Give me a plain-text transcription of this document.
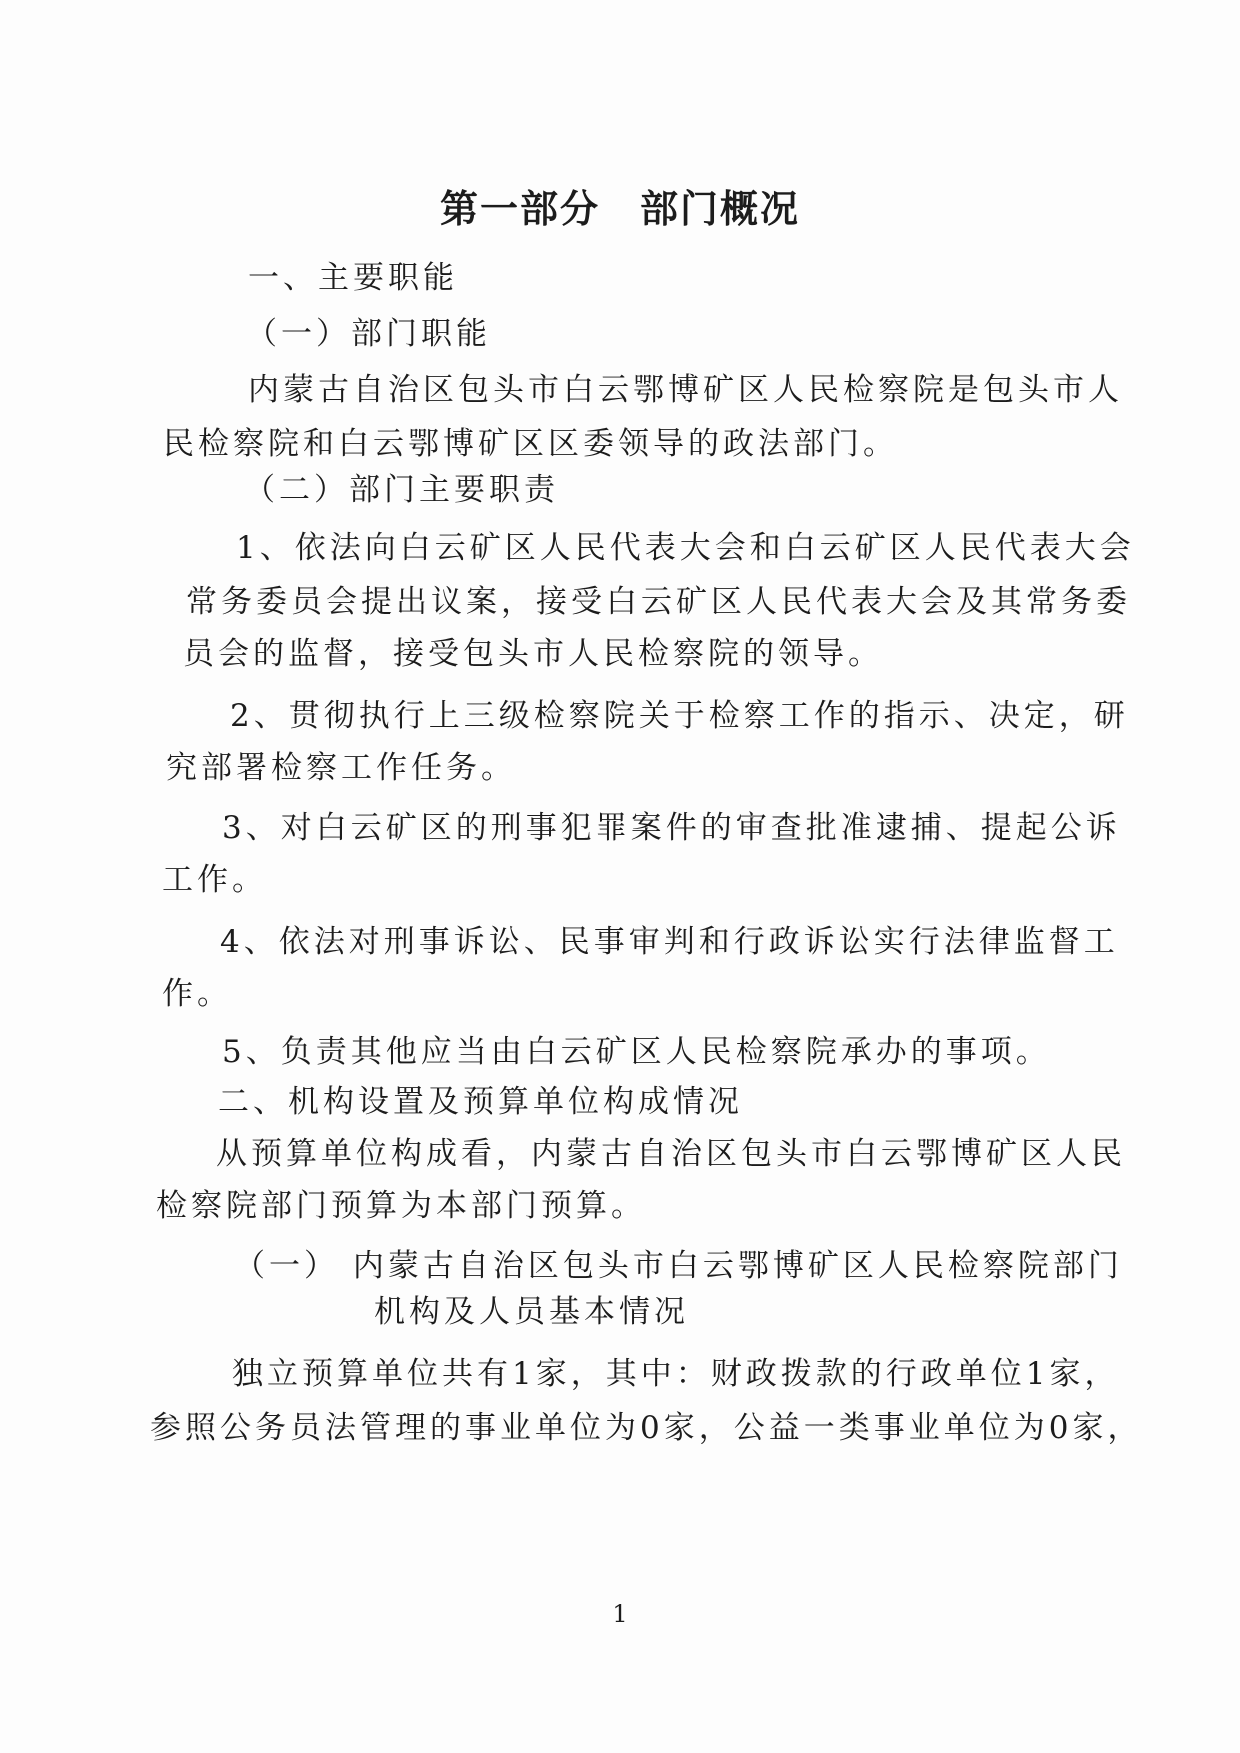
第一部分 部门概况
一、主要职能
（一）部门职能
内蒙古自治区包头市白云鄂博矿区人民检察院是包头市人
民检察院和白云鄂博矿区区委领导的政法部门。
（二）部门主要职责
1、依法向白云矿区人民代表大会和白云矿区人民代表大会
常务委员会提出议案，接受白云矿区人民代表大会及其常务委
员会的监督，接受包头市人民检察院的领导。
2、贯彻执行上三级检察院关于检察工作的指示、决定，研
究部署检察工作任务。
3、对白云矿区的刑事犯罪案件的审查批准逮捕、提起公诉
工作。
4、依法对刑事诉讼、民事审判和行政诉讼实行法律监督工
作。
5、负责其他应当由白云矿区人民检察院承办的事项。
二、机构设置及预算单位构成情况
从预算单位构成看，内蒙古自治区包头市白云鄂博矿区人民
检察院部门预算为本部门预算。
（一） 内蒙古自治区包头市白云鄂博矿区人民检察院部门
机构及人员基本情况
独立预算单位共有1家，其中：财政拨款的行政单位1家，
参照公务员法管理的事业单位为0家，公益一类事业单位为0家，
1
